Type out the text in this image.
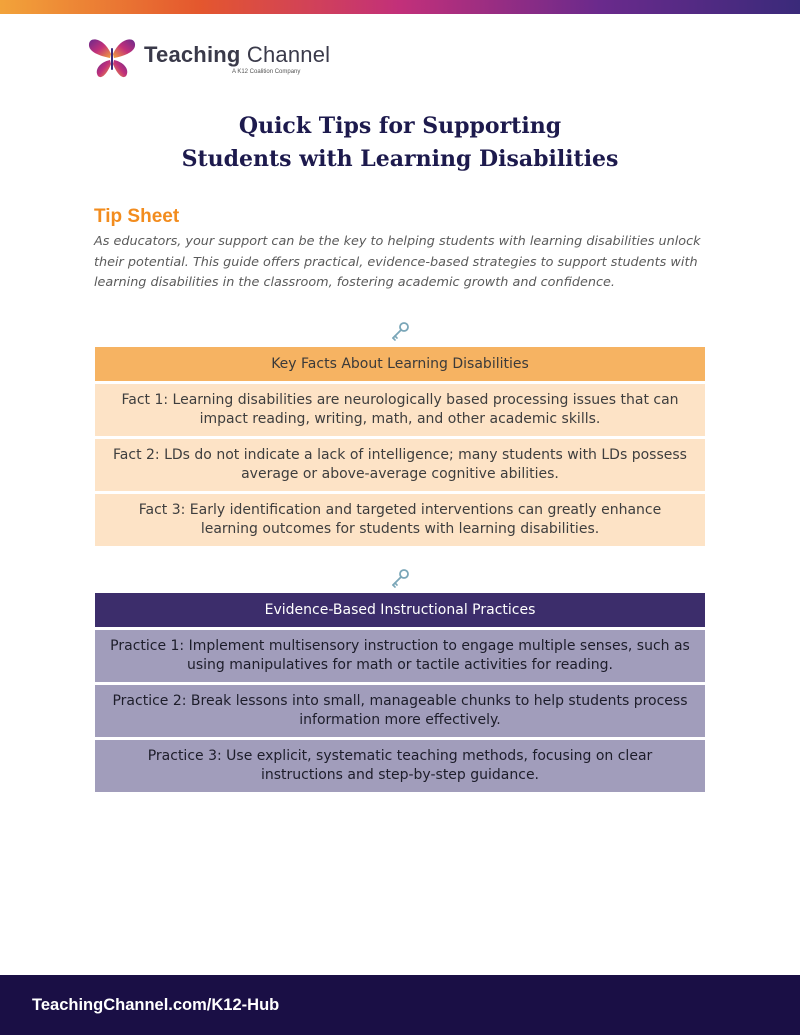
Teaching Channel
A K12 Coalition Company
Quick Tips for Supporting
Students with Learning Disabilities
Tip Sheet
As educators, your support can be the key to helping students with learning disabilities unlock their potential. This guide offers practical, evidence-based strategies to support students with learning disabilities in the classroom, fostering academic growth and confidence.
Key Facts About Learning Disabilities
Fact 1: Learning disabilities are neurologically based processing issues that can impact reading, writing, math, and other academic skills.
Fact 2: LDs do not indicate a lack of intelligence; many students with LDs possess average or above-average cognitive abilities.
Fact 3: Early identification and targeted interventions can greatly enhance learning outcomes for students with learning disabilities.
Evidence-Based Instructional Practices
Practice 1: Implement multisensory instruction to engage multiple senses, such as using manipulatives for math or tactile activities for reading.
Practice 2: Break lessons into small, manageable chunks to help students process information more effectively.
Practice 3: Use explicit, systematic teaching methods, focusing on clear instructions and step-by-step guidance.
TeachingChannel.com/K12-Hub
